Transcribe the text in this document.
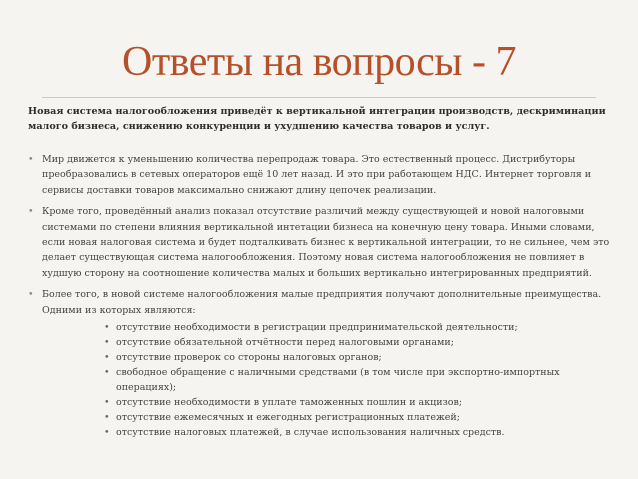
Ответы на вопросы - 7
Новая система налогообложения приведёт к вертикальной интеграции производств, дескриминации малого бизнеса, снижению конкуренции и ухудшению качества товаров и услуг.
• Мир движется к уменьшению количества перепродаж товара. Это естественный процесс. Дистрибуторы преобразовались в сетевых операторов ещё 10 лет назад. И это при работающем НДС. Интернет торговля и сервисы доставки товаров максимально снижают длину цепочек реализации.
• Кроме того, проведённый анализ показал отсутствие различий между существующей и новой налоговыми системами по степени влияния вертикальной интетации бизнеса на конечную цену товара. Иными словами, если новая налоговая система и будет подталкивать бизнес к вертикальной интеграции, то не сильнее, чем это делает существующая система налогообложения. Поэтому новая система налогообложения не повлияет в худшую сторону на соотношение количества малых и больших вертикально интегрированных предприятий.
• Более того, в новой системе налогообложения малые предприятия получают дополнительные преимущества. Одними из которых являются:
• отсутствие необходимости в регистрации предпринимательской деятельности;
• отсутствие обязательной отчётности перед налоговыми органами;
• отсутствие проверок со стороны налоговых органов;
• свободное обращение с наличными средствами (в том числе при экспортно-импортных операциях);
• отсутствие необходимости в уплате таможенных пошлин и акцизов;
• отсутствие ежемесячных и ежегодных регистрационных платежей;
• отсутствие налоговых платежей, в случае использования наличных средств.
